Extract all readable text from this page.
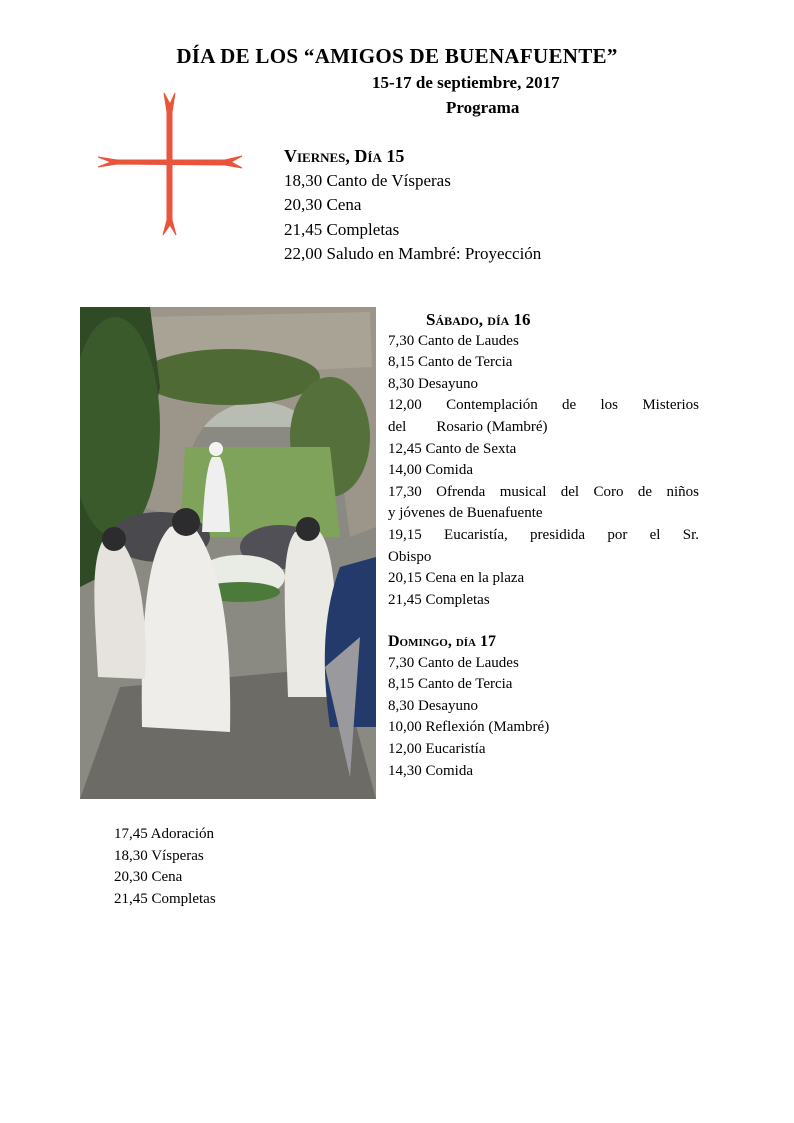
DÍA DE LOS “AMIGOS DE BUENAFUENTE”
15-17 de septiembre, 2017
Programa
Viernes, Día 15
18,30 Canto de Vísperas
20,30 Cena
21,45 Completas
22,00 Saludo en Mambré: Proyección
Sábado, día 16
7,30 Canto de Laudes
8,15 Canto de Tercia
8,30 Desayuno
12,00 Contemplación de los Misterios
del Rosario (Mambré)
12,45 Canto de Sexta
14,00 Comida
17,30 Ofrenda musical del Coro de niños
y jóvenes de Buenafuente
19,15 Eucaristía, presidida por el Sr.
Obispo
20,15 Cena en la plaza
21,45 Completas
Domingo, día 17
7,30 Canto de Laudes
8,15 Canto de Tercia
8,30 Desayuno
10,00 Reflexión (Mambré)
12,00 Eucaristía
14,30 Comida
17,45 Adoración
18,30 Vísperas
20,30 Cena
21,45 Completas
